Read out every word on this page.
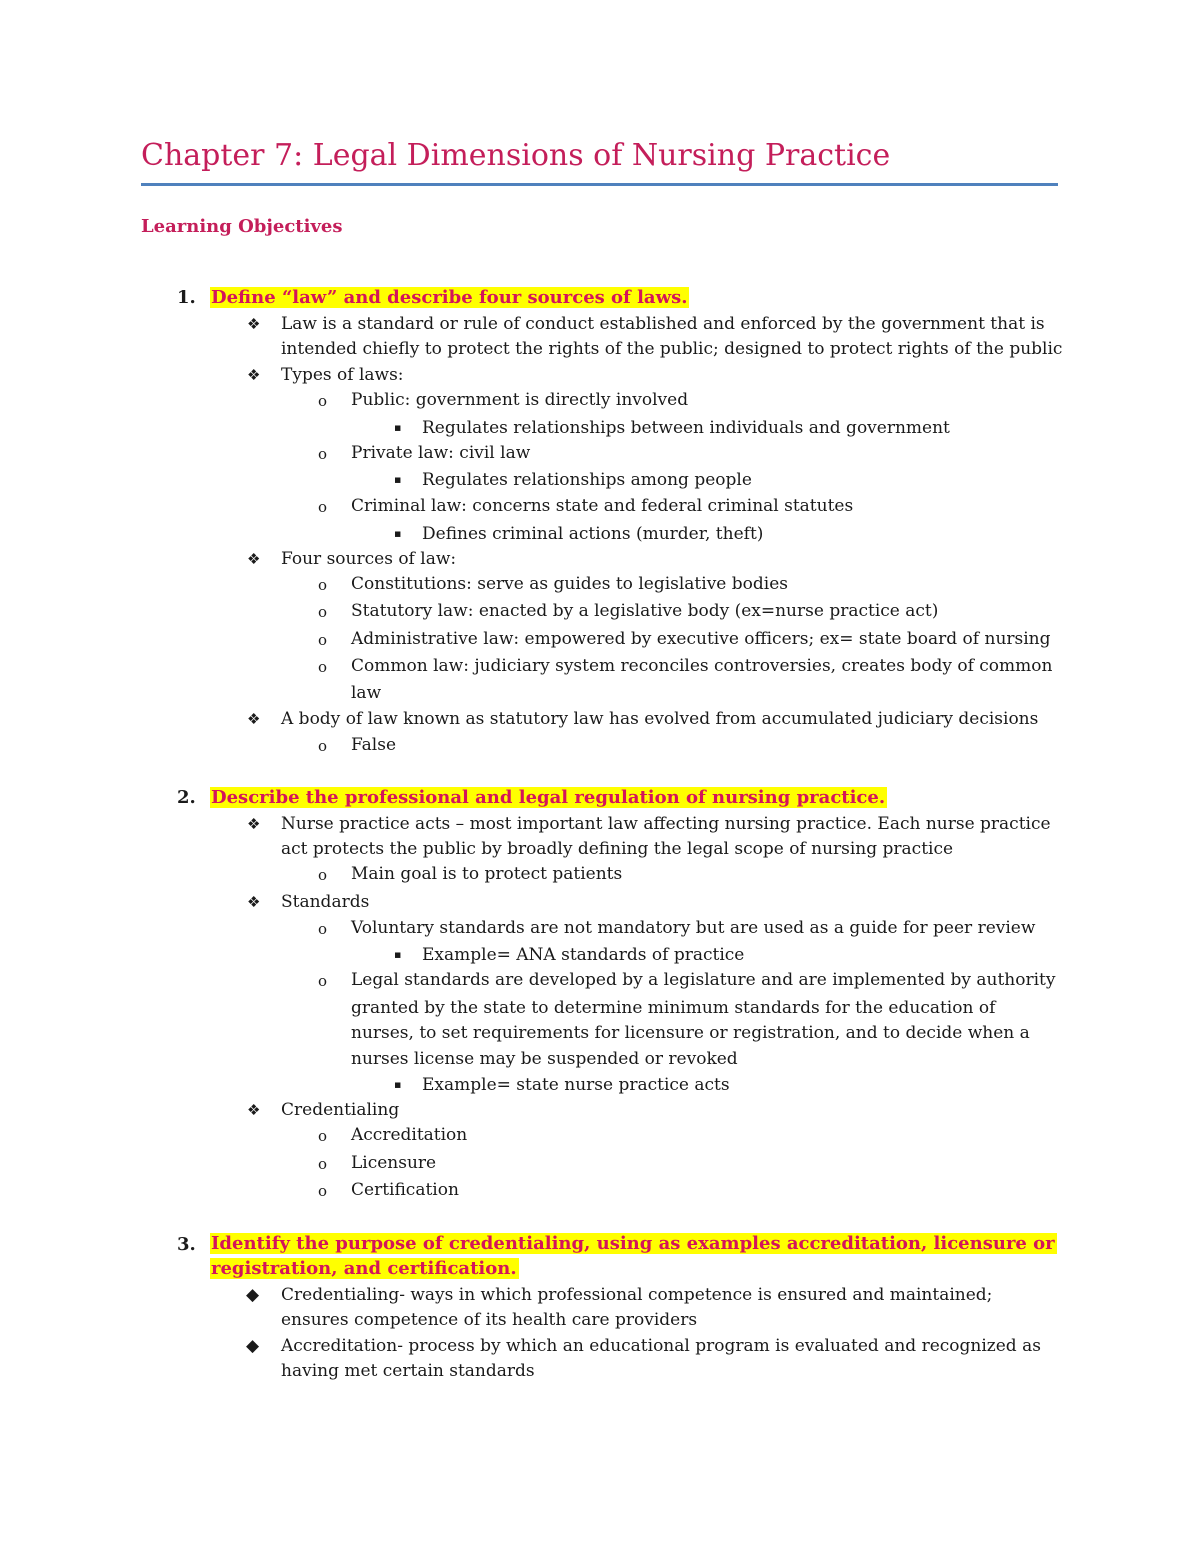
Chapter 7: Legal Dimensions of Nursing Practice
Learning Objectives
1. Define “law” and describe four sources of laws.
❖ Law is a standard or rule of conduct established and enforced by the government that is
intended chiefly to protect the rights of the public; designed to protect rights of the public
❖ Types of laws:
o Public: government is directly involved
▪ Regulates relationships between individuals and government
o Private law: civil law
▪ Regulates relationships among people
o Criminal law: concerns state and federal criminal statutes
▪ Defines criminal actions (murder, theft)
❖ Four sources of law:
o Constitutions: serve as guides to legislative bodies
o Statutory law: enacted by a legislative body (ex=nurse practice act)
o Administrative law: empowered by executive officers; ex= state board of nursing
o Common law: judiciary system reconciles controversies, creates body of common
law
❖ A body of law known as statutory law has evolved from accumulated judiciary decisions
o False
2. Describe the professional and legal regulation of nursing practice.
❖ Nurse practice acts – most important law affecting nursing practice. Each nurse practice
act protects the public by broadly defining the legal scope of nursing practice
o Main goal is to protect patients
❖ Standards
o Voluntary standards are not mandatory but are used as a guide for peer review
▪ Example= ANA standards of practice
o Legal standards are developed by a legislature and are implemented by authority
granted by the state to determine minimum standards for the education of
nurses, to set requirements for licensure or registration, and to decide when a
nurses license may be suspended or revoked
▪ Example= state nurse practice acts
❖ Credentialing
o Accreditation
o Licensure
o Certification
3. Identify the purpose of credentialing, using as examples accreditation, licensure or
registration, and certification.
◆ Credentialing- ways in which professional competence is ensured and maintained;
ensures competence of its health care providers
◆ Accreditation- process by which an educational program is evaluated and recognized as
having met certain standards
